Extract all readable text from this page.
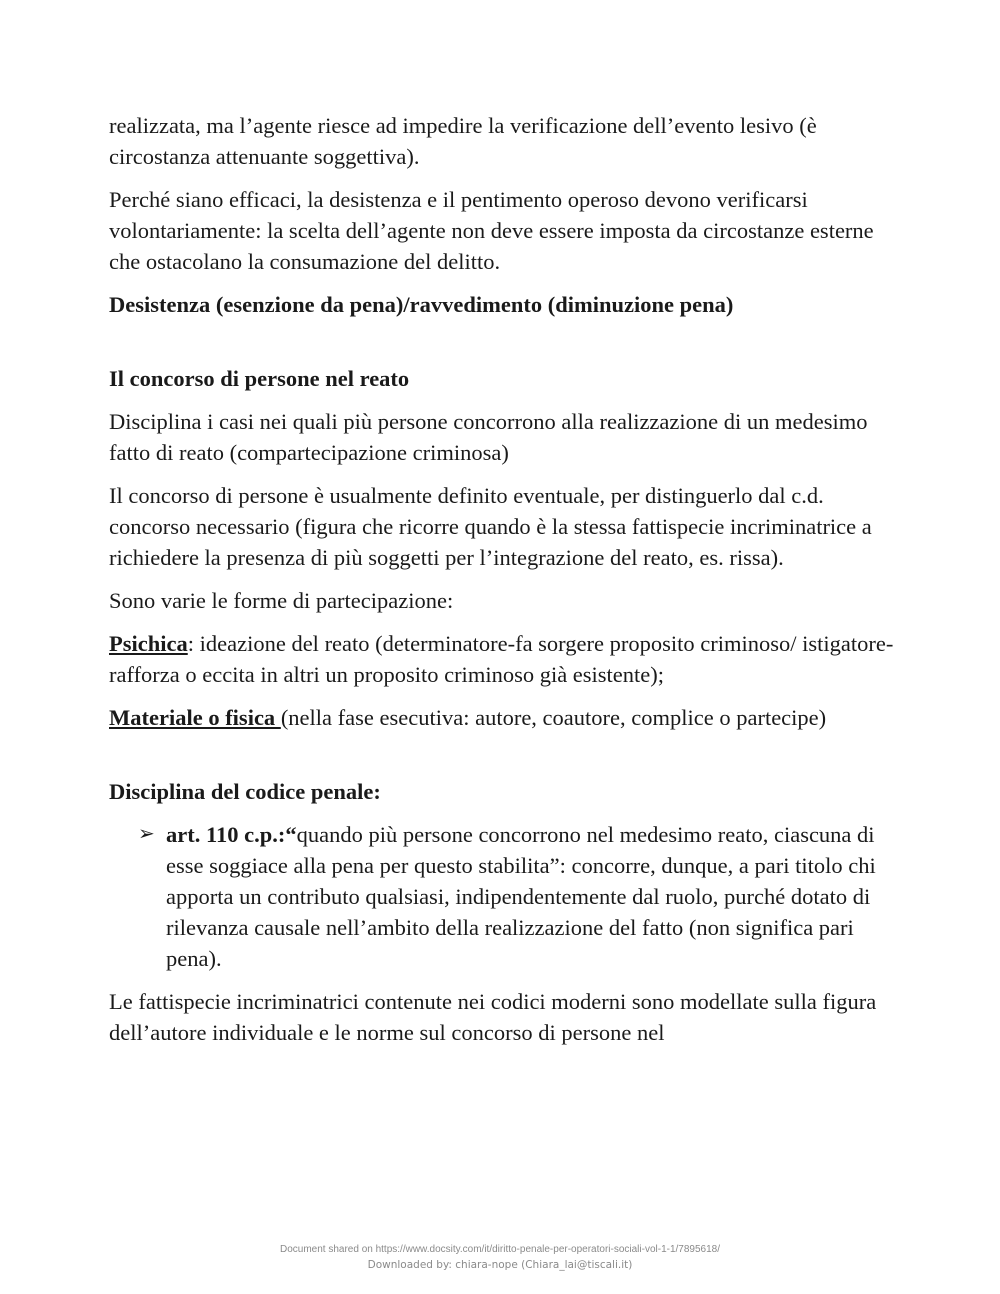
realizzata, ma l’agente riesce ad impedire la verificazione dell’evento lesivo (è circostanza attenuante soggettiva).

Perché siano efficaci, la desistenza e il pentimento operoso devono verificarsi volontariamente: la scelta dell’agente non deve essere imposta da circostanze esterne che ostacolano la consumazione del delitto.

Desistenza (esenzione da pena)/ravvedimento (diminuzione pena)

Il concorso di persone nel reato

Disciplina i casi nei quali più persone concorrono alla realizzazione di un medesimo fatto di reato (compartecipazione criminosa)

Il concorso di persone è usualmente definito eventuale, per distinguerlo dal c.d. concorso necessario (figura che ricorre quando è la stessa fattispecie incriminatrice a richiedere la presenza di più soggetti per l’integrazione del reato, es. rissa).

Sono varie le forme di partecipazione:

Psichica: ideazione del reato (determinatore-fa sorgere proposito criminoso/ istigatore- rafforza o eccita in altri un proposito criminoso già esistente);

Materiale o fisica (nella fase esecutiva: autore, coautore, complice o partecipe)

Disciplina del codice penale:

➢ art. 110 c.p.:“quando più persone concorrono nel medesimo reato, ciascuna di esse soggiace alla pena per questo stabilita”: concorre, dunque, a pari titolo chi apporta un contributo qualsiasi, indipendentemente dal ruolo, purché dotato di rilevanza causale nell’ambito della realizzazione del fatto (non significa pari pena).

Le fattispecie incriminatrici contenute nei codici moderni sono modellate sulla figura dell’autore individuale e le norme sul concorso di persone nel

Document shared on https://www.docsity.com/it/diritto-penale-per-operatori-sociali-vol-1-1/7895618/
Downloaded by: chiara-nope (Chiara_lai@tiscali.it)
